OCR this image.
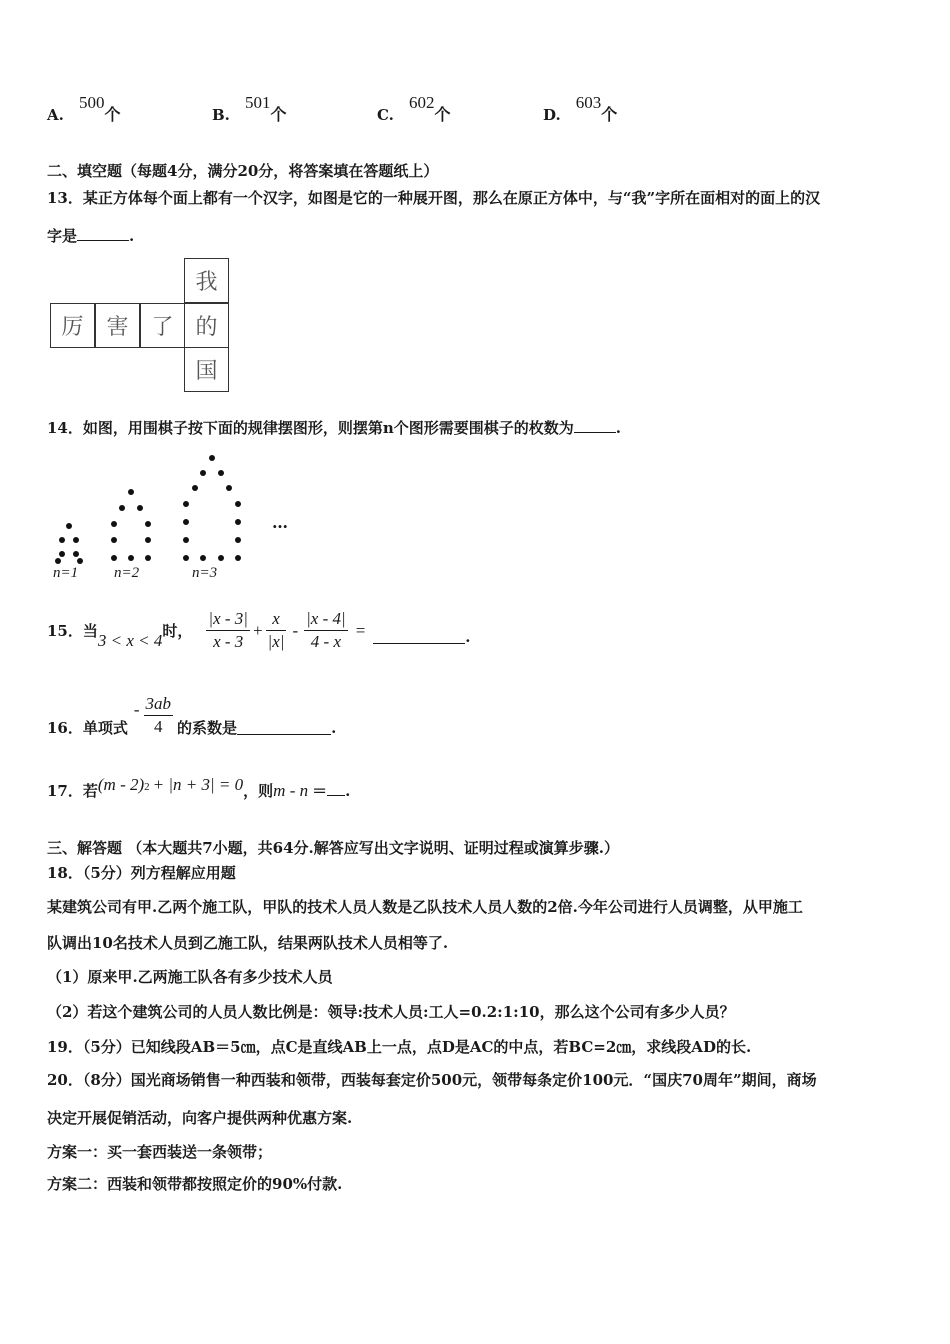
A. 500个	B. 501个	C. 602个	D. 603个
二、填空题（每题4分，满分20分，将答案填在答题纸上）
13．某正方体每个面上都有一个汉字，如图是它的一种展开图，那么在原正方体中，与“我”字所在面相对的面上的汉
字是	.
我
厉	害	了 的
国
14．如图，用围棋子按下面的规律摆图形，则摆第n个图形需要围棋子的枚数为	.
n=1 n=2	n=3
…
15．当 3 < x < 4 时， $\frac{|x - 3|}{x - 3} + \frac{x}{|x|} - \frac{|x - 4|}{4 - x}$ =	.
16．单项式
- $\frac{3ab}{4}$ 的系数是	.
17．若 (m - 2)$^2$ + |n + 3| = 0 ，则 m - n ＝ .
三、解答题 （本大题共7小题，共64分.解答应写出文字说明、证明过程或演算步骤.）
18．（5分）列方程解应用题
某建筑公司有甲.乙两个施工队，甲队的技术人员人数是乙队技术人员人数的2倍.今年公司进行人员调整，从甲施工
队调出10名技术人员到乙施工队，结果两队技术人员相等了.
（1）原来甲.乙两施工队各有多少技术人员
（2）若这个建筑公司的人员人数比例是：领导:技术人员:工人=0.2:1:10，那么这个公司有多少人员？
19．（5分）已知线段AB＝5㎝，点C是直线AB上一点，点D是AC的中点，若BC=2㎝，求线段AD的长.
20．（8分）国光商场销售一种西装和领带，西装每套定价500元，领带每条定价100元．“国庆70周年”期间，商场
决定开展促销活动，向客户提供两种优惠方案.
方案一：买一套西装送一条领带；
方案二：西装和领带都按照定价的90%付款.
